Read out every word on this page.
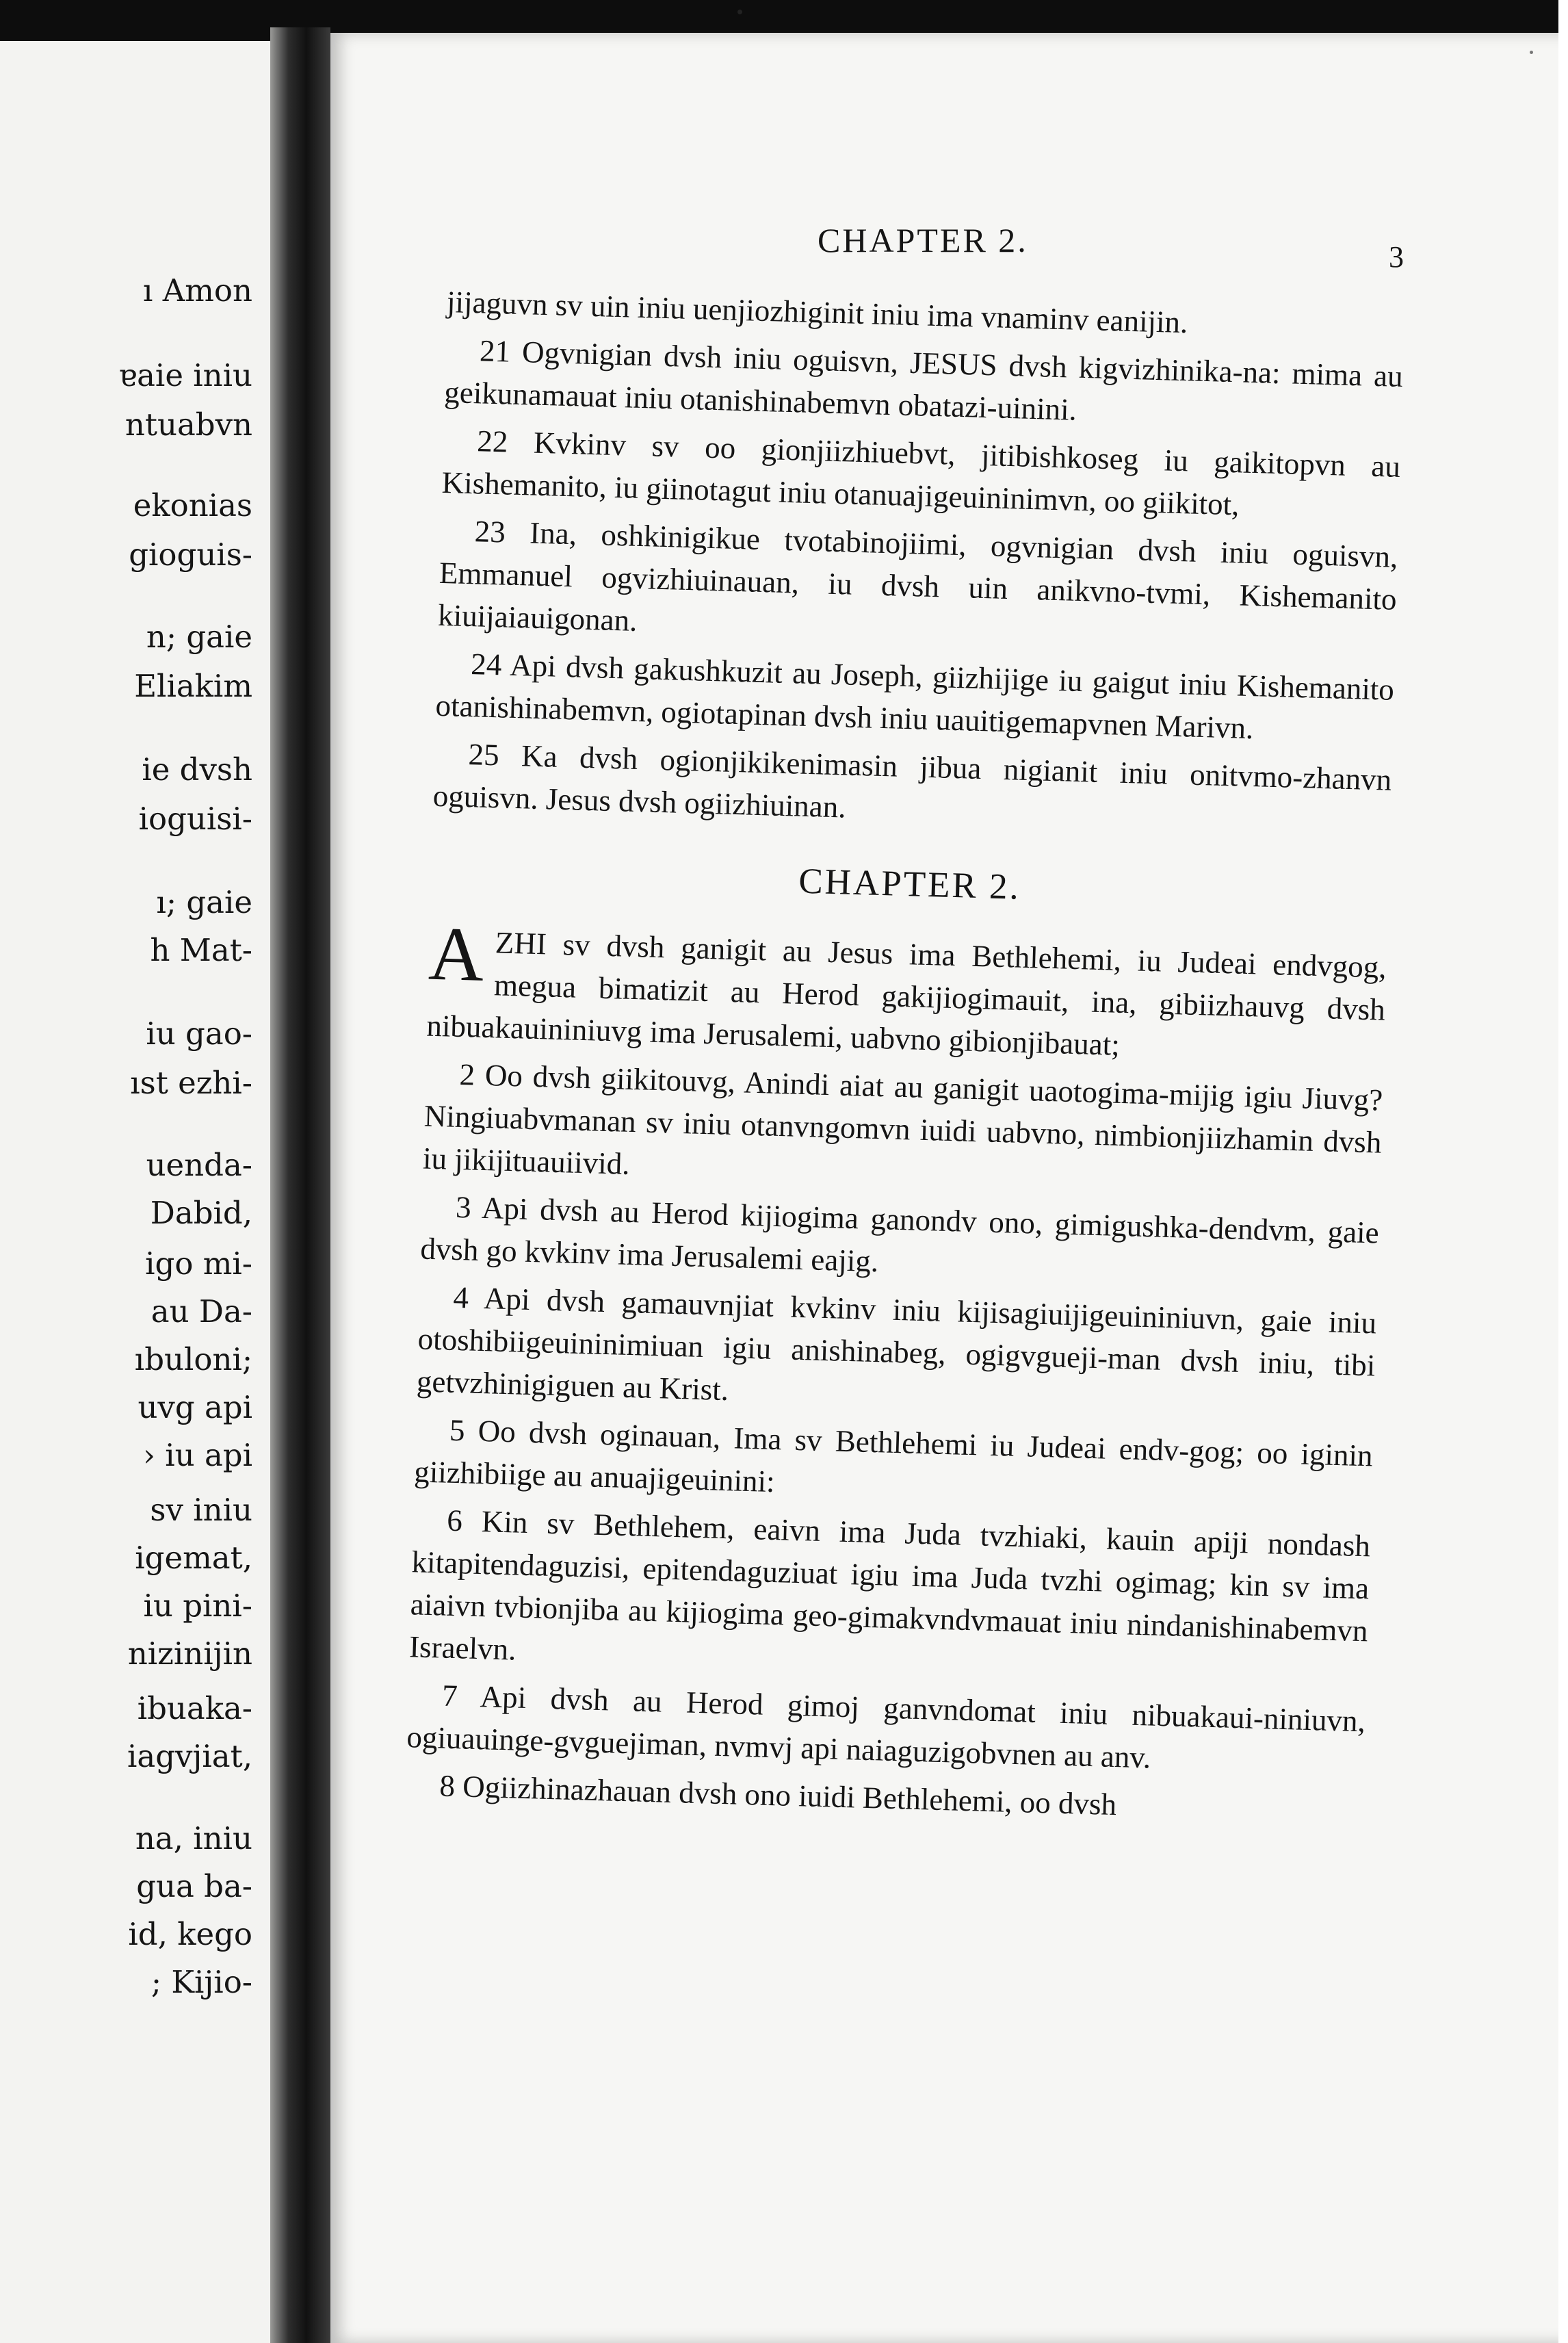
ı Amon
ɐaie iniu
ntuabvn
ekonias
gioguis-
n; gaie
Eliakim
ie dvsh
ioguisi-
ı; gaie
h Mat-
iu gao-
ıst ezhi-
uenda-
Dabid,
igo mi-
au Da-
ıbuloni;
uvg api
› iu api
sv iniu
igemat,
iu pini-
nizinijin
ibuaka-
iagvjiat,
na, iniu
gua ba-
id, kego
; Kijio-
CHAPTER 2.	3

jijaguvn sv uin iniu uenjiozhiginit iniu ima vnaminv eanijin.

21 Ogvnigian dvsh iniu oguisvn, JESUS dvsh kigvizhinika-na: mima au geikunamauat iniu otanishinabemvn obatazi-uinini.

22 Kvkinv sv oo gionjiizhiuebvt, jitibishkoseg iu gaikitopvn au Kishemanito, iu giinotagut iniu otanuajigeuininimvn, oo giikitot,

23 Ina, oshkinigikue tvotabinojiimi, ogvnigian dvsh iniu oguisvn, Emmanuel ogvizhiuinauan, iu dvsh uin anikvno-tvmi, Kishemanito kiuijaiauigonan.

24 Api dvsh gakushkuzit au Joseph, giizhijige iu gaigut iniu Kishemanito otanishinabemvn, ogiotapinan dvsh iniu uauitigemapvnen Marivn.

25 Ka dvsh ogionjikikenimasin jibua nigianit iniu onitvmo-zhanvn oguisvn. Jesus dvsh ogiizhiuinan.

CHAPTER 2.

A ZHI sv dvsh ganigit au Jesus ima Bethlehemi, iu Judeai endvgog, megua bimatizit au Herod gakijiogimauit, ina, gibiizhauvg dvsh nibuakauininiuvg ima Jerusalemi, uabvno gibionjibauat;

2 Oo dvsh giikitouvg, Anindi aiat au ganigit uaotogima-mijig igiu Jiuvg? Ningiuabvmanan sv iniu otanvngomvn iuidi uabvno, nimbionjiizhamin dvsh iu jikijituauiivid.

3 Api dvsh au Herod kijiogima ganondv ono, gimigushka-dendvm, gaie dvsh go kvkinv ima Jerusalemi eajig.

4 Api dvsh gamauvnjiat kvkinv iniu kijisagiuijigeuininiuvn, gaie iniu otoshibiigeuininimiuan igiu anishinabeg, ogigvgueji-man dvsh iniu, tibi getvzhinigiguen au Krist.

5 Oo dvsh oginauan, Ima sv Bethlehemi iu Judeai endv-gog; oo iginin giizhibiige au anuajigeuinini:

6 Kin sv Bethlehem, eaivn ima Juda tvzhiaki, kauin apiji nondash kitapitendaguzisi, epitendaguziuat igiu ima Juda tvzhi ogimag; kin sv ima aiaivn tvbionjiba au kijiogima geo-gimakvndvmauat iniu nindanishinabemvn Israelvn.

7 Api dvsh au Herod gimoj ganvndomat iniu nibuakaui-niniuvn, ogiuauinge-gvguejiman, nvmvj api naiaguzigobvnen au anv.

8 Ogiizhinazhauan dvsh ono iuidi Bethlehemi, oo dvsh
